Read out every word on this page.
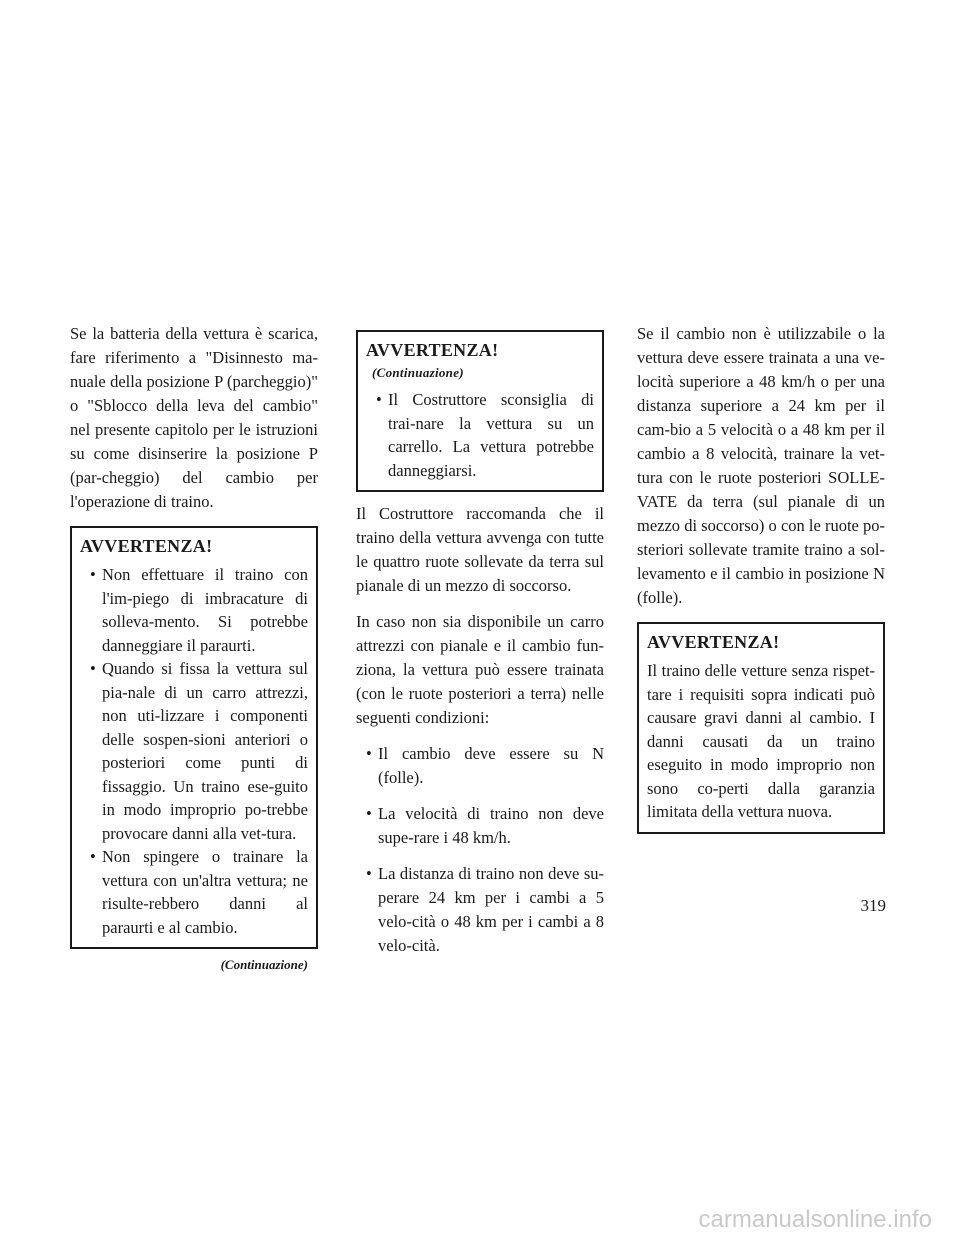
Se la batteria della vettura è scarica, fare riferimento a "Disinnesto ma-nuale della posizione P (parcheggio)" o "Sblocco della leva del cambio" nel presente capitolo per le istruzioni su come disinserire la posizione P (par-cheggio) del cambio per l'operazione di traino.

AVVERTENZA!
• Non effettuare il traino con l'im-piego di imbracature di solleva-mento. Si potrebbe danneggiare il paraurti.
• Quando si fissa la vettura sul pia-nale di un carro attrezzi, non uti-lizzare i componenti delle sospen-sioni anteriori o posteriori come punti di fissaggio. Un traino ese-guito in modo improprio po-trebbe provocare danni alla vet-tura.
• Non spingere o trainare la vettura con un'altra vettura; ne risulte-rebbero danni al paraurti e al cambio.
(Continuazione)
AVVERTENZA!(Continuazione)
• Il Costruttore sconsiglia di trai-nare la vettura su un carrello. La vettura potrebbe danneggiarsi.

Il Costruttore raccomanda che il traino della vettura avvenga con tutte le quattro ruote sollevate da terra sul pianale di un mezzo di soccorso.

In caso non sia disponibile un carro attrezzi con pianale e il cambio fun-ziona, la vettura può essere trainata (con le ruote posteriori a terra) nelle seguenti condizioni:

• Il cambio deve essere su N (folle).
• La velocità di traino non deve supe-rare i 48 km/h.
• La distanza di traino non deve su-perare 24 km per i cambi a 5 velo-cità o 48 km per i cambi a 8 velo-cità.

Se il cambio non è utilizzabile o la vettura deve essere trainata a una ve-locità superiore a 48 km/h o per una distanza superiore a 24 km per il cam-bio a 5 velocità o a 48 km per il cambio a 8 velocità, trainare la vet-tura con le ruote posteriori SOLLE-VATE da terra (sul pianale di un mezzo di soccorso) o con le ruote po-steriori sollevate tramite traino a sol-levamento e il cambio in posizione N (folle).

AVVERTENZA!

Il traino delle vetture senza rispet-tare i requisiti sopra indicati può causare gravi danni al cambio. I danni causati da un traino eseguito in modo improprio non sono co-perti dalla garanzia limitata della vettura nuova.

319
carmanualsonline.info
